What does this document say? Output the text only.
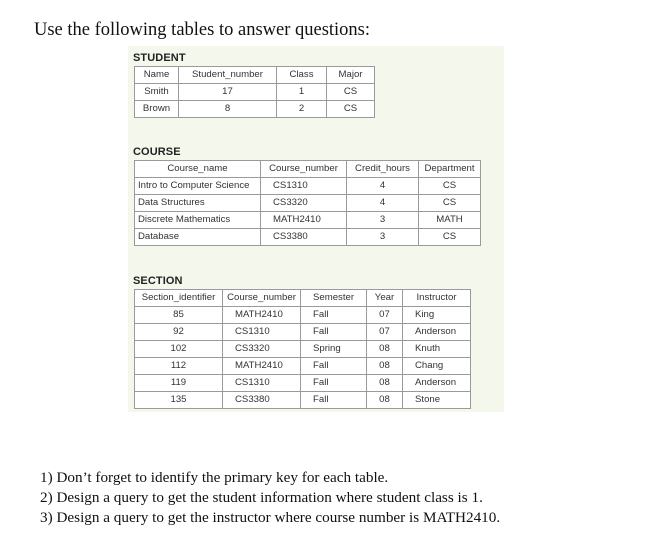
Use the following tables to answer questions:
STUDENT
Name	Student_number	Class	Major
Smith	17	1	CS
Brown	8	2	CS
COURSE
Course_name	Course_number	Credit_hours	Department
Intro to Computer Science	CS1310	4	CS
Data Structures	CS3320	4	CS
Discrete Mathematics	MATH2410	3	MATH
Database	CS3380	3	CS
SECTION
Section_identifier	Course_number	Semester	Year	Instructor
85	MATH2410	Fall	07	King
92	CS1310	Fall	07	Anderson
102	CS3320	Spring	08	Knuth
112	MATH2410	Fall	08	Chang
119	CS1310	Fall	08	Anderson
135	CS3380	Fall	08	Stone
1) Don’t forget to identify the primary key for each table.
2) Design a query to get the student information where student class is 1.
3) Design a query to get the instructor where course number is MATH2410.
